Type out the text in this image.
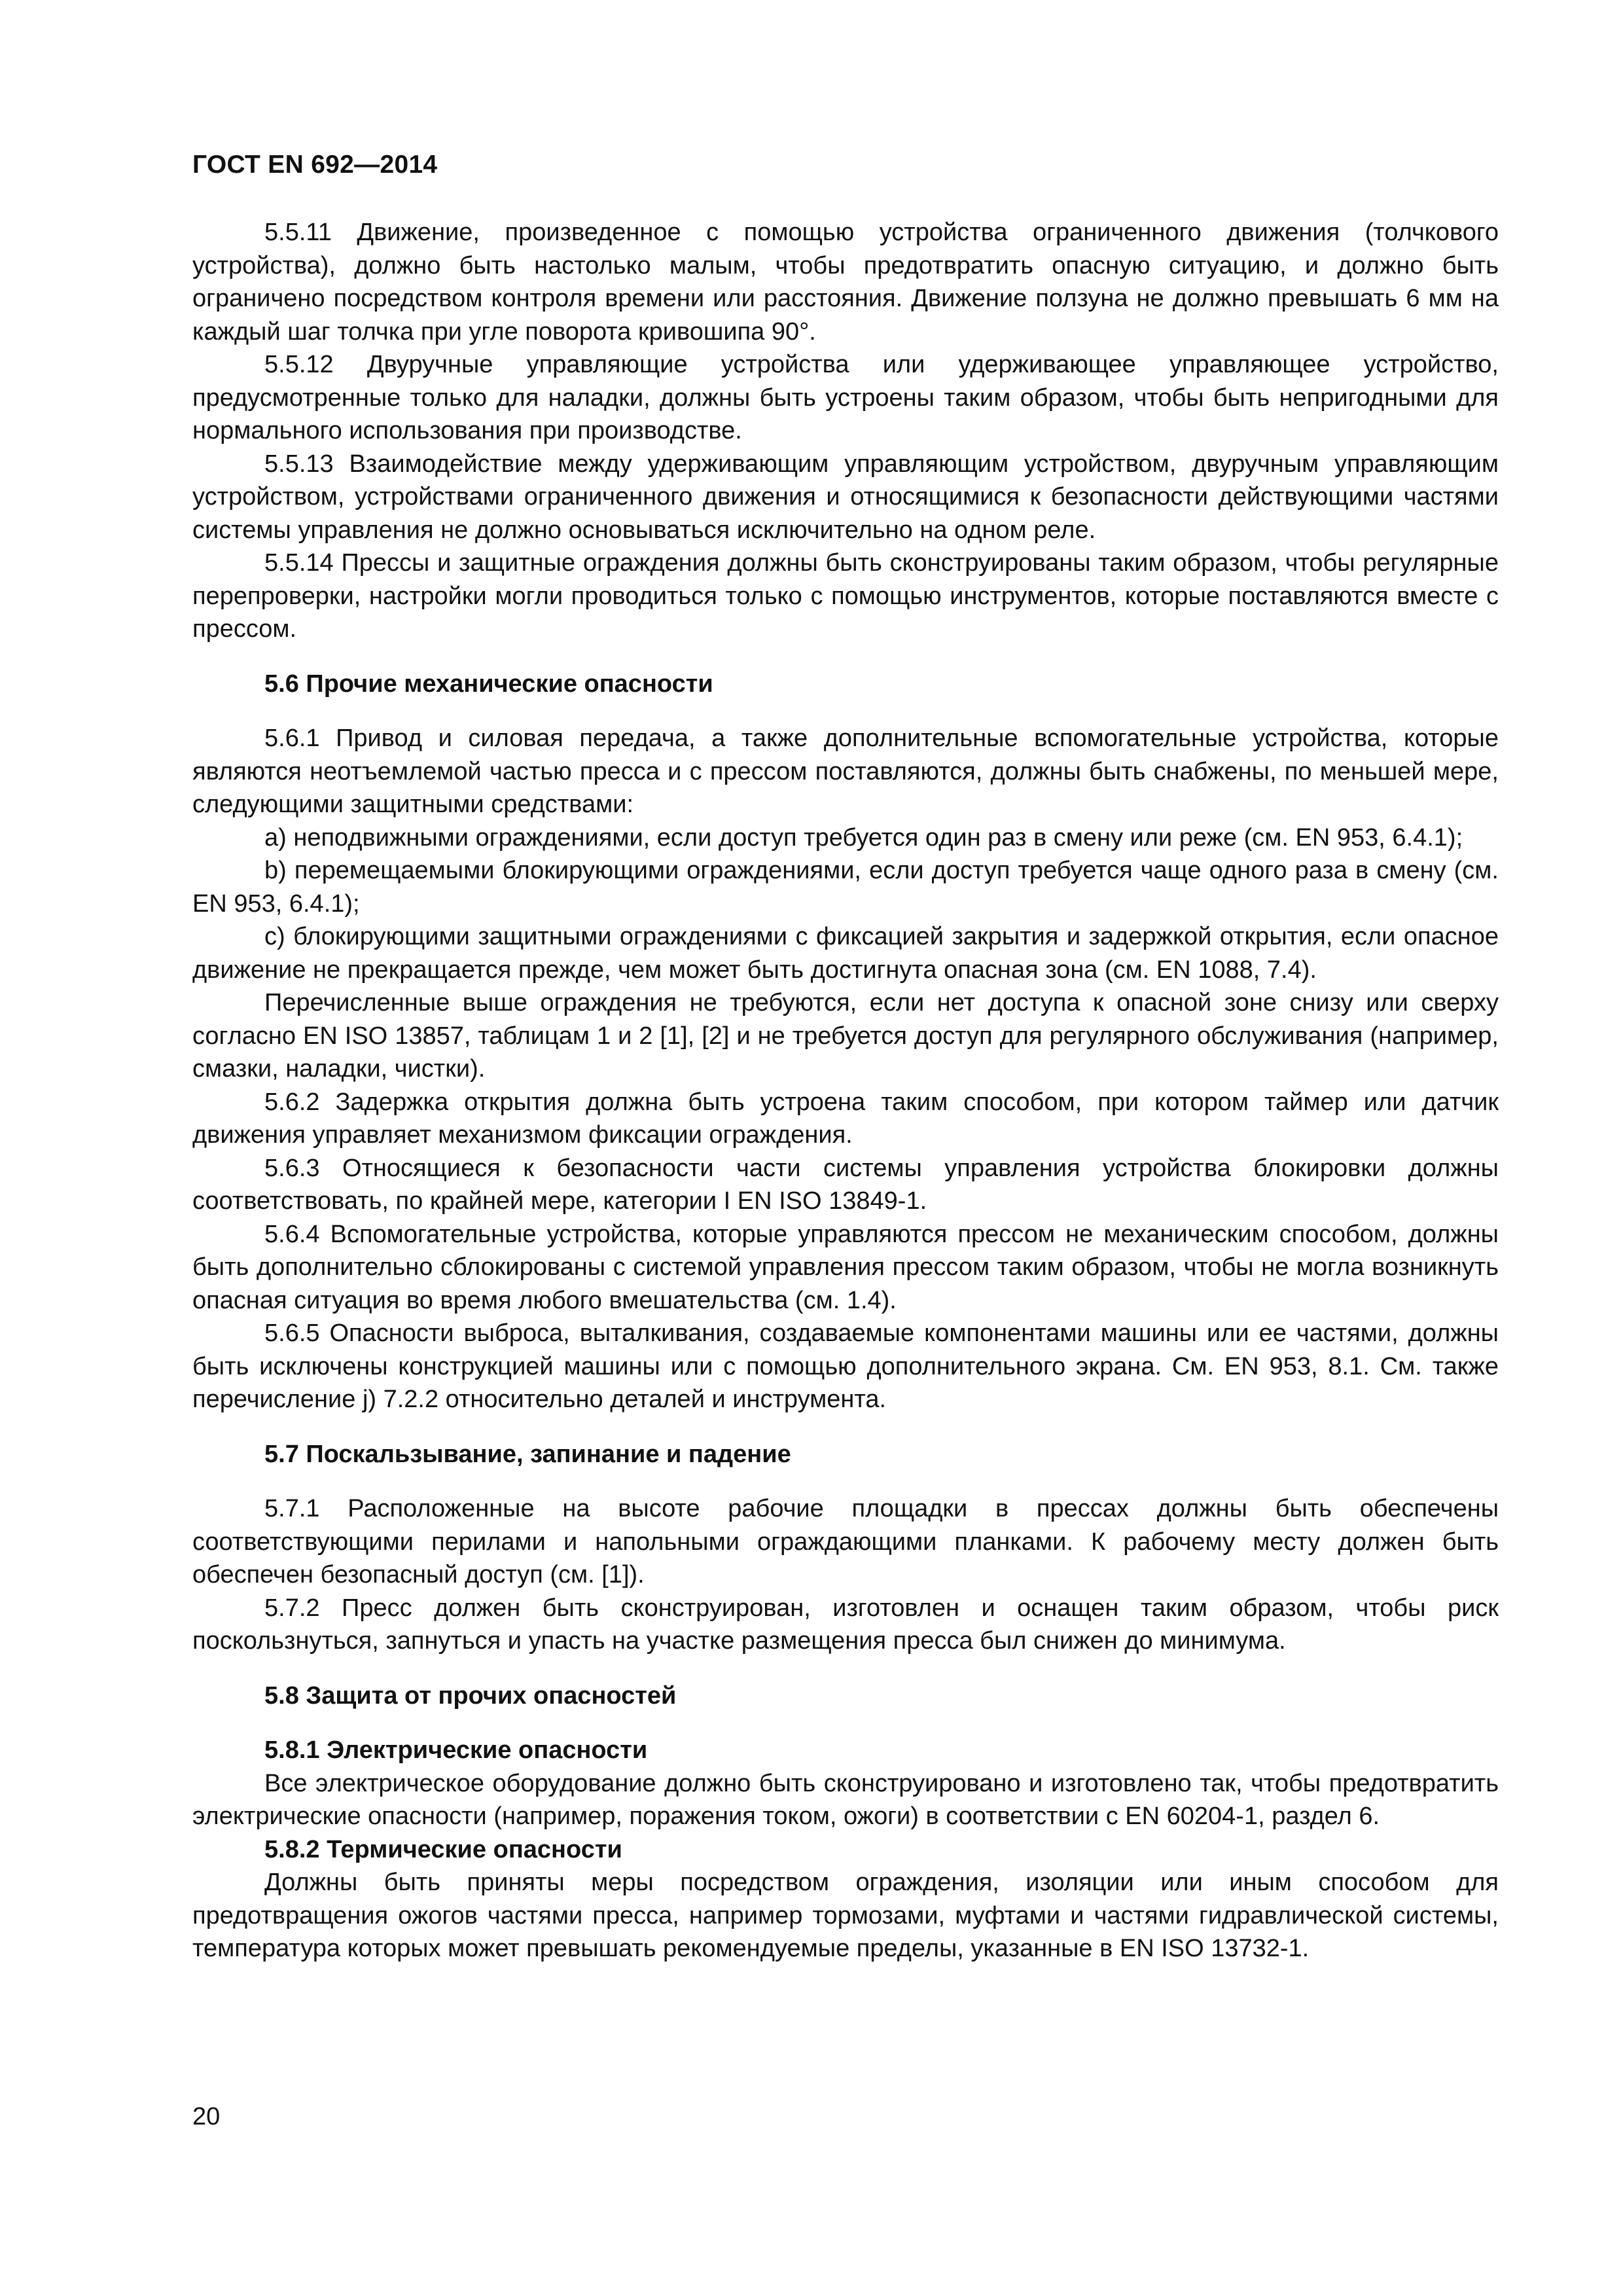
ГОСТ EN 692—2014

5.5.11 Движение, произведенное с помощью устройства ограниченного движения (толчкового устройства), должно быть настолько малым, чтобы предотвратить опасную ситуацию, и должно быть ограничено посредством контроля времени или расстояния. Движение ползуна не должно превышать 6 мм на каждый шаг толчка при угле поворота кривошипа 90°.

5.5.12 Двуручные управляющие устройства или удерживающее управляющее устройство, предусмотренные только для наладки, должны быть устроены таким образом, чтобы быть непригодными для нормального использования при производстве.

5.5.13 Взаимодействие между удерживающим управляющим устройством, двуручным управляющим устройством, устройствами ограниченного движения и относящимися к безопасности действующими частями системы управления не должно основываться исключительно на одном реле.

5.5.14 Прессы и защитные ограждения должны быть сконструированы таким образом, чтобы регулярные перепроверки, настройки могли проводиться только с помощью инструментов, которые поставляются вместе с прессом.

5.6 Прочие механические опасности

5.6.1 Привод и силовая передача, а также дополнительные вспомогательные устройства, которые являются неотъемлемой частью пресса и с прессом поставляются, должны быть снабжены, по меньшей мере, следующими защитными средствами:

a) неподвижными ограждениями, если доступ требуется один раз в смену или реже (см. EN 953, 6.4.1);

b) перемещаемыми блокирующими ограждениями, если доступ требуется чаще одного раза в смену (см. EN 953, 6.4.1);

c) блокирующими защитными ограждениями с фиксацией закрытия и задержкой открытия, если опасное движение не прекращается прежде, чем может быть достигнута опасная зона (см. EN 1088, 7.4).

Перечисленные выше ограждения не требуются, если нет доступа к опасной зоне снизу или сверху согласно EN ISO 13857, таблицам 1 и 2 [1], [2] и не требуется доступ для регулярного обслуживания (например, смазки, наладки, чистки).

5.6.2 Задержка открытия должна быть устроена таким способом, при котором таймер или датчик движения управляет механизмом фиксации ограждения.

5.6.3 Относящиеся к безопасности части системы управления устройства блокировки должны соответствовать, по крайней мере, категории I EN ISO 13849-1.

5.6.4 Вспомогательные устройства, которые управляются прессом не механическим способом, должны быть дополнительно сблокированы с системой управления прессом таким образом, чтобы не могла возникнуть опасная ситуация во время любого вмешательства (см. 1.4).

5.6.5 Опасности выброса, выталкивания, создаваемые компонентами машины или ее частями, должны быть исключены конструкцией машины или с помощью дополнительного экрана. См. EN 953, 8.1. См. также перечисление j) 7.2.2 относительно деталей и инструмента.

5.7 Поскальзывание, запинание и падение

5.7.1 Расположенные на высоте рабочие площадки в прессах должны быть обеспечены соответствующими перилами и напольными ограждающими планками. К рабочему месту должен быть обеспечен безопасный доступ (см. [1]).

5.7.2 Пресс должен быть сконструирован, изготовлен и оснащен таким образом, чтобы риск поскользнуться, запнуться и упасть на участке размещения пресса был снижен до минимума.

5.8 Защита от прочих опасностей
5.8.1 Электрические опасности

Все электрическое оборудование должно быть сконструировано и изготовлено так, чтобы предотвратить электрические опасности (например, поражения током, ожоги) в соответствии с EN 60204-1, раздел 6.

5.8.2 Термические опасности

Должны быть приняты меры посредством ограждения, изоляции или иным способом для предотвращения ожогов частями пресса, например тормозами, муфтами и частями гидравлической системы, температура которых может превышать рекомендуемые пределы, указанные в EN ISO 13732-1.

20
